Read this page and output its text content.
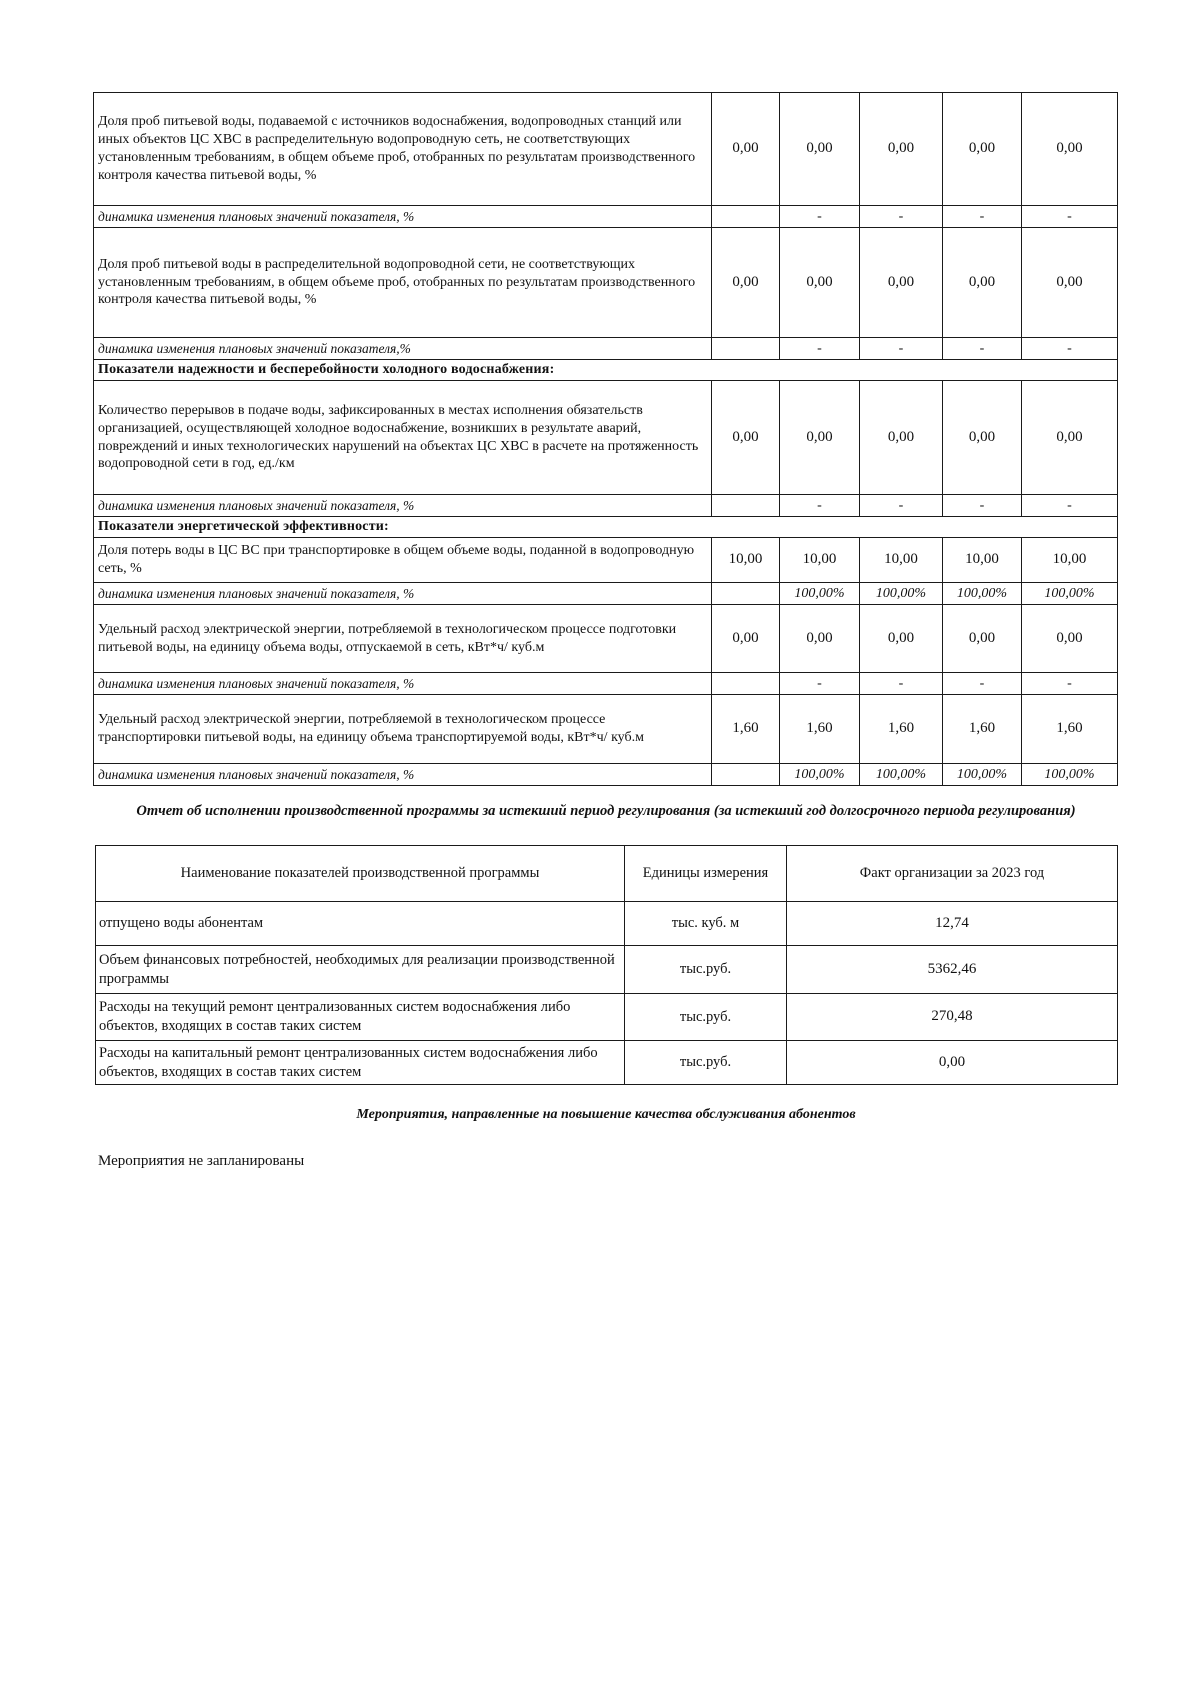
Доля проб питьевой воды, подаваемой с источников водоснабжения, водопроводных станций или иных объектов ЦС ХВС в распределительную водопроводную сеть, не соответствующих установленным требованиям, в общем объеме проб, отобранных по результатам производственного контроля качества питьевой воды, %	0,00	0,00	0,00	0,00	0,00
динамика изменения плановых значений показателя, %		-	-	-	-
Доля проб питьевой воды в распределительной водопроводной сети, не соответствующих установленным требованиям, в общем объеме проб, отобранных по результатам производственного контроля качества питьевой воды, %	0,00	0,00	0,00	0,00	0,00
динамика изменения плановых значений показателя,%		-	-	-	-
Показатели надежности и бесперебойности холодного водоснабжения:					
Количество перерывов в подаче воды, зафиксированных в местах исполнения обязательств организацией, осуществляющей холодное водоснабжение, возникших в результате аварий, повреждений и иных технологических нарушений на объектах ЦС ХВС в расчете на протяженность водопроводной сети в год, ед./км	0,00	0,00	0,00	0,00	0,00
динамика изменения плановых значений показателя, %		-	-	-	-
Показатели энергетической эффективности:					
Доля потерь воды в ЦС ВС при транспортировке в общем объеме воды, поданной в водопроводную сеть, %	10,00	10,00	10,00	10,00	10,00
динамика изменения плановых значений показателя, %		100,00%	100,00%	100,00%	100,00%
Удельный расход электрической энергии, потребляемой в технологическом процессе подготовки питьевой воды, на единицу объема воды, отпускаемой в сеть, кВт*ч/ куб.м	0,00	0,00	0,00	0,00	0,00
динамика изменения плановых значений показателя, %		-	-	-	-
Удельный расход электрической энергии, потребляемой в технологическом процессе транспортировки питьевой воды, на единицу объема транспортируемой воды, кВт*ч/ куб.м	1,60	1,60	1,60	1,60	1,60
динамика изменения плановых значений показателя, %		100,00%	100,00%	100,00%	100,00%
Отчет об исполнении производственной программы за истекший период регулирования (за истекший год долгосрочного периода регулирования)
Наименование показателей производственной программы	Единицы измерения	Факт организации за 2023 год
отпущено воды абонентам	тыс. куб. м	12,74
Объем финансовых потребностей, необходимых для реализации производственной программы	тыс.руб.	5362,46
Расходы на текущий ремонт централизованных систем водоснабжения либо объектов, входящих в состав таких систем	тыс.руб.	270,48
Расходы на капитальный ремонт централизованных систем водоснабжения либо объектов, входящих в состав таких систем	тыс.руб.	0,00
Мероприятия, направленные на повышение качества обслуживания абонентов
Мероприятия не запланированы
